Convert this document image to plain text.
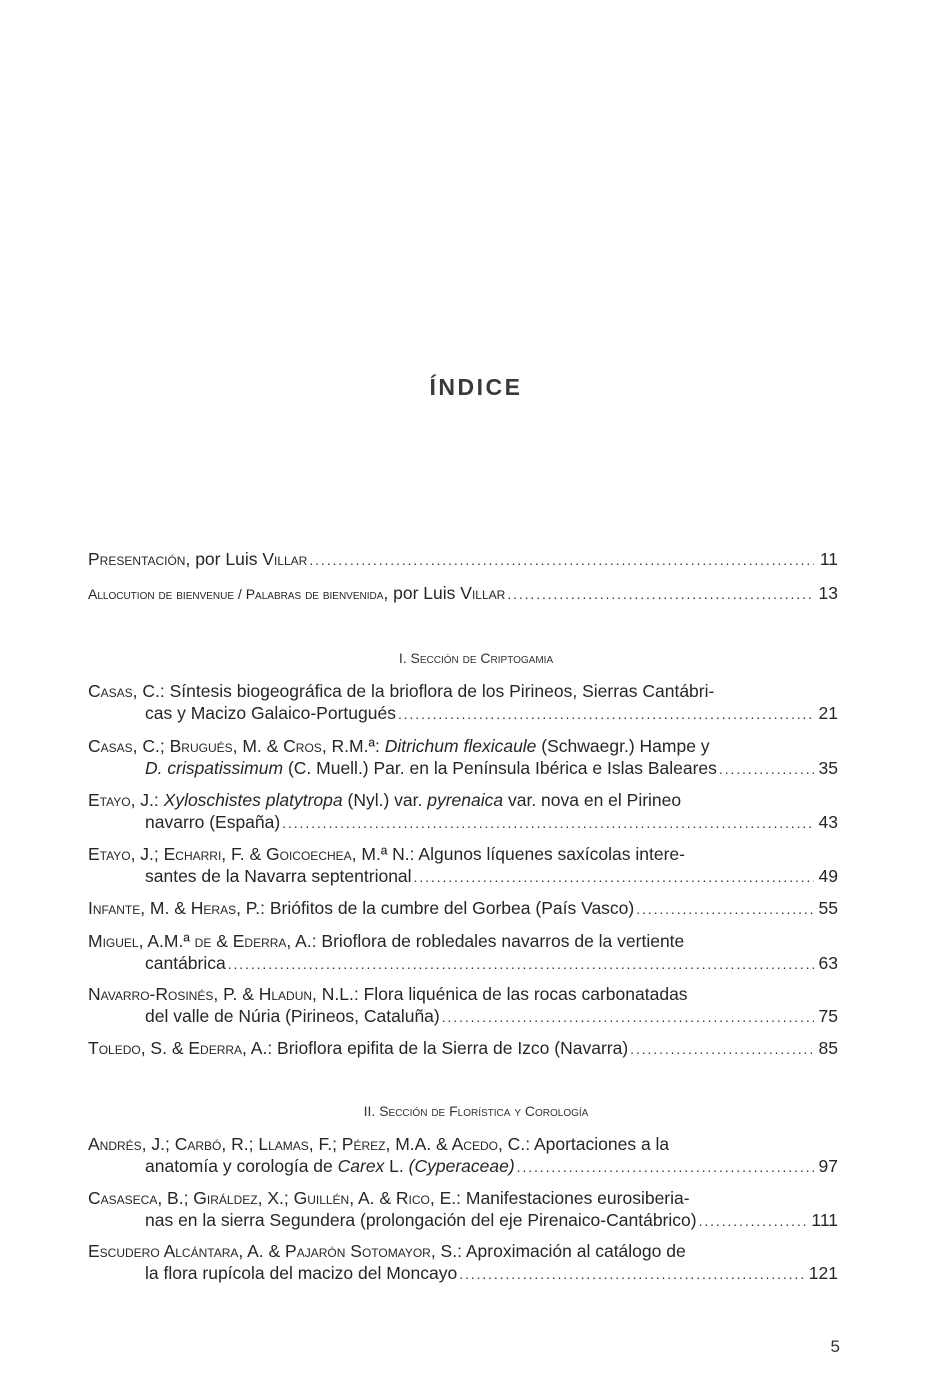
ÍNDICE
Presentación , por Luis Villar . . .	11
Allocution de bienvenue / Palabras de bienvenida , por Luis Villar . . .	13
I. Sección de Criptogamia
Casas, C. : Síntesis biogeográfica de la brioflora de los Pirineos, Sierras Cantábri-
cas y Macizo Galaico-Portugués . . .	21
Casas, C.; Brugués, M. & Cros, R.M.ª : Ditrichum flexicaule (Schwaegr.) Hampe y
D. crispatissimum (C. Muell.) Par. en la Península Ibérica e Islas Baleares . . .	35
Etayo, J. : Xyloschistes platytropa (Nyl.) var. pyrenaica var. nova en el Pirineo
navarro (España) . . .	43
Etayo, J.; Echarri, F. & Goicoechea, M.ª N. : Algunos líquenes saxícolas intere-
santes de la Navarra septentrional . . .	49
Infante, M. & Heras, P. : Briófitos de la cumbre del Gorbea (País Vasco) . . .	55
Miguel, A.M.ª de & Ederra, A. : Brioflora de robledales navarros de la vertiente
cantábrica . . .	63
Navarro-Rosinés, P. & Hladun, N.L. : Flora liquénica de las rocas carbonatadas
del valle de Núria (Pirineos, Cataluña) . . .	75
Toledo, S. & Ederra, A. : Brioflora epifita de la Sierra de Izco (Navarra) . . .	85
II. Sección de Florística y Corología
Andrés, J.; Carbó, R.; Llamas, F.; Pérez, M.A. & Acedo, C. : Aportaciones a la
anatomía y corología de Carex L. (Cyperaceae) . . .	97
Casaseca, B.; Giráldez, X.; Guillén, A. & Rico, E. : Manifestaciones eurosiberia-
nas en la sierra Segundera (prolongación del eje Pirenaico-Cantábrico) . . .	111
Escudero Alcántara, A. & Pajarón Sotomayor, S. : Aproximación al catálogo de
la flora rupícola del macizo del Moncayo . . .	121
5
